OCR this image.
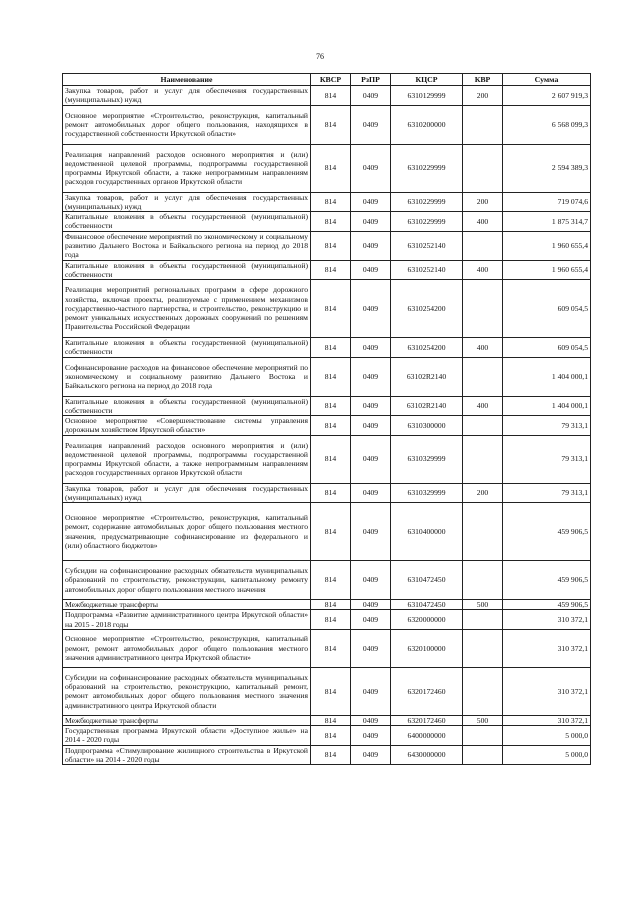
76
Наименование	КВСР	РзПР	КЦСР	КВР	Сумма
Закупка товаров, работ и услуг для обеспечения государственных (муниципальных) нужд	814	0409	6310129999	200	2 607 919,3
Основное мероприятие «Строительство, реконструкция, капитальный ремонт автомобильных дорог общего пользования, находящихся в государственной собственности Иркутской области»	814	0409	6310200000		6 568 099,3
Реализация направлений расходов основного мероприятия и (или) ведомственной целевой программы, подпрограммы государственной программы Иркутской области, а также непрограммным направлениям расходов государственных органов Иркутской области	814	0409	6310229999		2 594 389,3
Закупка товаров, работ и услуг для обеспечения государственных (муниципальных) нужд	814	0409	6310229999	200	719 074,6
Капитальные вложения в объекты государственной (муниципальной) собственности	814	0409	6310229999	400	1 875 314,7
Финансовое обеспечение мероприятий по экономическому и социальному развитию Дальнего Востока и Байкальского региона на период до 2018 года	814	0409	6310252140		1 960 655,4
Капитальные вложения в объекты государственной (муниципальной) собственности	814	0409	6310252140	400	1 960 655,4
Реализация мероприятий региональных программ в сфере дорожного хозяйства, включая проекты, реализуемые с применением механизмов государственно-частного партнерства, и строительство, реконструкцию и ремонт уникальных искусственных дорожных сооружений по решениям Правительства Российской Федерации	814	0409	6310254200		609 054,5
Капитальные вложения в объекты государственной (муниципальной) собственности	814	0409	6310254200	400	609 054,5
Софинансирование расходов на финансовое обеспечение мероприятий по экономическому и социальному развитию Дальнего Востока и Байкальского региона на период до 2018 года	814	0409	63102R2140		1 404 000,1
Капитальные вложения в объекты государственной (муниципальной) собственности	814	0409	63102R2140	400	1 404 000,1
Основное мероприятие «Совершенствование системы управления дорожным хозяйством Иркутской области»	814	0409	6310300000		79 313,1
Реализация направлений расходов основного мероприятия и (или) ведомственной целевой программы, подпрограммы государственной программы Иркутской области, а также непрограммным направлениям расходов государственных органов Иркутской области	814	0409	6310329999		79 313,1
Закупка товаров, работ и услуг для обеспечения государственных (муниципальных) нужд	814	0409	6310329999	200	79 313,1
Основное мероприятие «Строительство, реконструкция, капитальный ремонт, содержание автомобильных дорог общего пользования местного значения, предусматривающие софинансирование из федерального и (или) областного бюджетов»	814	0409	6310400000		459 906,5
Субсидии на софинансирование расходных обязательств муниципальных образований по строительству, реконструкции, капитальному ремонту автомобильных дорог общего пользования местного значения	814	0409	6310472450		459 906,5
Межбюджетные трансферты	814	0409	6310472450	500	459 906,5
Подпрограмма «Развитие административного центра Иркутской области» на 2015 - 2018 годы	814	0409	6320000000		310 372,1
Основное мероприятие «Строительство, реконструкция, капитальный ремонт, ремонт автомобильных дорог общего пользования местного значения административного центра Иркутской области»	814	0409	6320100000		310 372,1
Субсидии на софинансирование расходных обязательств муниципальных образований на строительство, реконструкцию, капитальный ремонт, ремонт автомобильных дорог общего пользования местного значения административного центра Иркутской области	814	0409	6320172460		310 372,1
Межбюджетные трансферты	814	0409	6320172460	500	310 372,1
Государственная программа Иркутской области «Доступное жилье» на 2014 - 2020 годы	814	0409	6400000000		5 000,0
Подпрограмма «Стимулирование жилищного строительства в Иркутской области» на 2014 - 2020 годы	814	0409	6430000000		5 000,0
